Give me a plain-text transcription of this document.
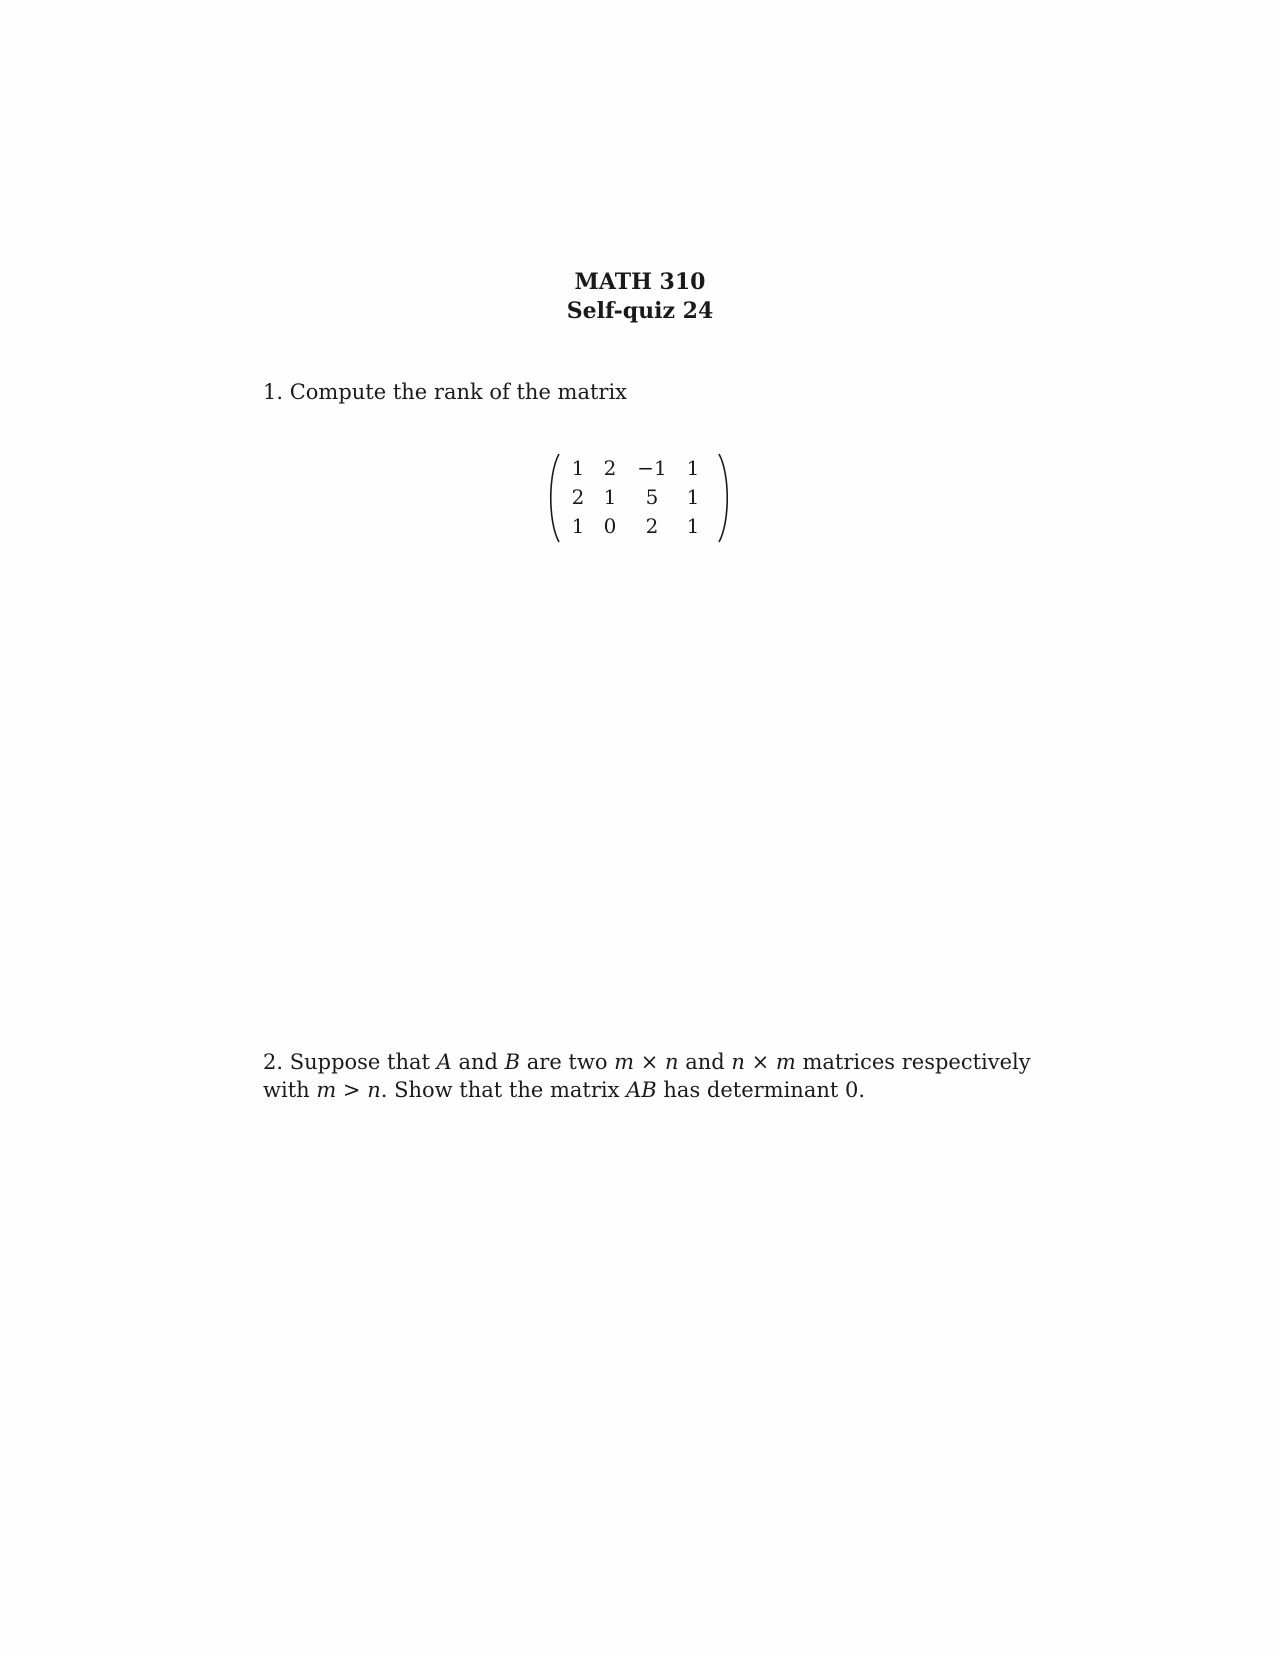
MATH 310
Self-quiz 24
1. Compute the rank of the matrix
1 2	−1 1
2 1	5	1
1 0	2	1
2. Suppose that A and B are two m × n and n × m matrices respectively
with m > n. Show that the matrix AB has determinant 0.
